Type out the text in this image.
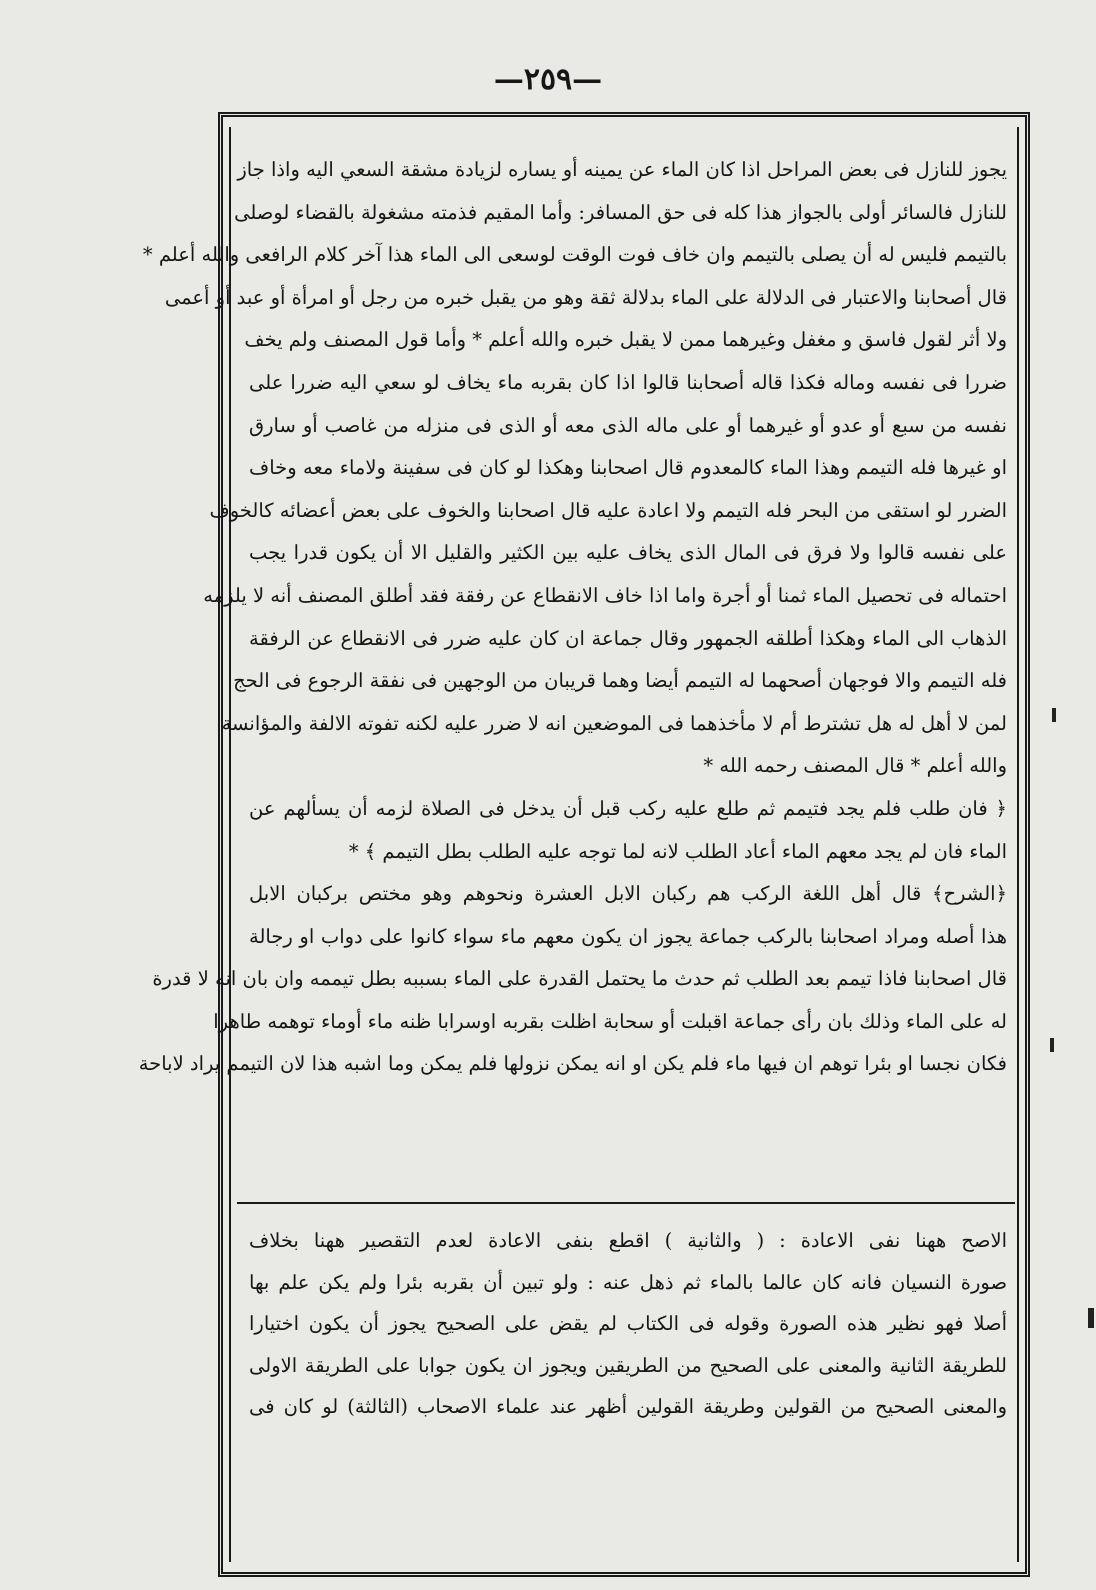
—٢٥٩—
يجوز للنازل فى بعض المراحل اذا كان الماء عن يمينه أو يساره لزيادة مشقة السعي اليه واذا جاز
للنازل فالسائر أولى بالجواز هذا كله فى حق المسافر: وأما المقيم فذمته مشغولة بالقضاء لوصلى
بالتيمم فليس له أن يصلى بالتيمم وان خاف فوت الوقت لوسعى الى الماء هذا آخر كلام الرافعى والله أعلم *
قال أصحابنا والاعتبار فى الدلالة على الماء بدلالة ثقة وهو من يقبل خبره من رجل أو امرأة أو عبد أو أعمى
ولا أثر لقول فاسق و مغفل وغيرهما ممن لا يقبل خبره والله أعلم * وأما قول المصنف ولم يخف
ضررا فى نفسه وماله فكذا قاله أصحابنا قالوا اذا كان بقربه ماء يخاف لو سعي اليه ضررا على
نفسه من سبع أو عدو أو غيرهما أو على ماله الذى معه أو الذى فى منزله من غاصب أو سارق
او غيرها فله التيمم وهذا الماء كالمعدوم قال اصحابنا وهكذا لو كان فى سفينة ولاماء معه وخاف
الضرر لو استقى من البحر فله التيمم ولا اعادة عليه قال اصحابنا والخوف على بعض أعضائه كالخوف
على نفسه قالوا ولا فرق فى المال الذى يخاف عليه بين الكثير والقليل الا أن يكون قدرا يجب
احتماله فى تحصيل الماء ثمنا أو أجرة واما اذا خاف الانقطاع عن رفقة فقد أطلق المصنف أنه لا يلزمه
الذهاب الى الماء وهكذا أطلقه الجمهور وقال جماعة ان كان عليه ضرر فى الانقطاع عن الرفقة
فله التيمم والا فوجهان أصحهما له التيمم أيضا وهما قريبان من الوجهين فى نفقة الرجوع فى الحج
لمن لا أهل له هل تشترط أم لا مأخذهما فى الموضعين انه لا ضرر عليه لكنه تفوته الالفة والمؤانسة
والله أعلم * قال المصنف رحمه الله *
﴿ فان طلب فلم يجد فتيمم ثم طلع عليه ركب قبل أن يدخل فى الصلاة لزمه أن يسألهم عن
الماء فان لم يجد معهم الماء أعاد الطلب لانه لما توجه عليه الطلب بطل التيمم ﴾ *
﴿الشرح﴾ قال أهل اللغة الركب هم ركبان الابل العشرة ونحوهم وهو مختص بركبان الابل
هذا أصله ومراد اصحابنا بالركب جماعة يجوز ان يكون معهم ماء سواء كانوا على دواب او رجالة
قال اصحابنا فاذا تيمم بعد الطلب ثم حدث ما يحتمل القدرة على الماء بسببه بطل تيممه وان بان انه لا قدرة
له على الماء وذلك بان رأى جماعة اقبلت أو سحابة اظلت بقربه اوسرابا ظنه ماء أوماء توهمه طاهرا
فكان نجسا او بئرا توهم ان فيها ماء فلم يكن او انه يمكن نزولها فلم يمكن وما اشبه هذا لان التيمم يراد لاباحة
الاصح ههنا نفى الاعادة : ( والثانية ) اقطع بنفى الاعادة لعدم التقصير ههنا بخلاف
صورة النسيان فانه كان عالما بالماء ثم ذهل عنه : ولو تبين أن بقربه بئرا ولم يكن علم بها
أصلا فهو نظير هذه الصورة وقوله فى الكتاب لم يقض على الصحيح يجوز أن يكون اختيارا
للطريقة الثانية والمعنى على الصحيح من الطريقين ويجوز ان يكون جوابا على الطريقة الاولى
والمعنى الصحيح من القولين وطريقة القولين أظهر عند علماء الاصحاب (الثالثة) لو كان فى
